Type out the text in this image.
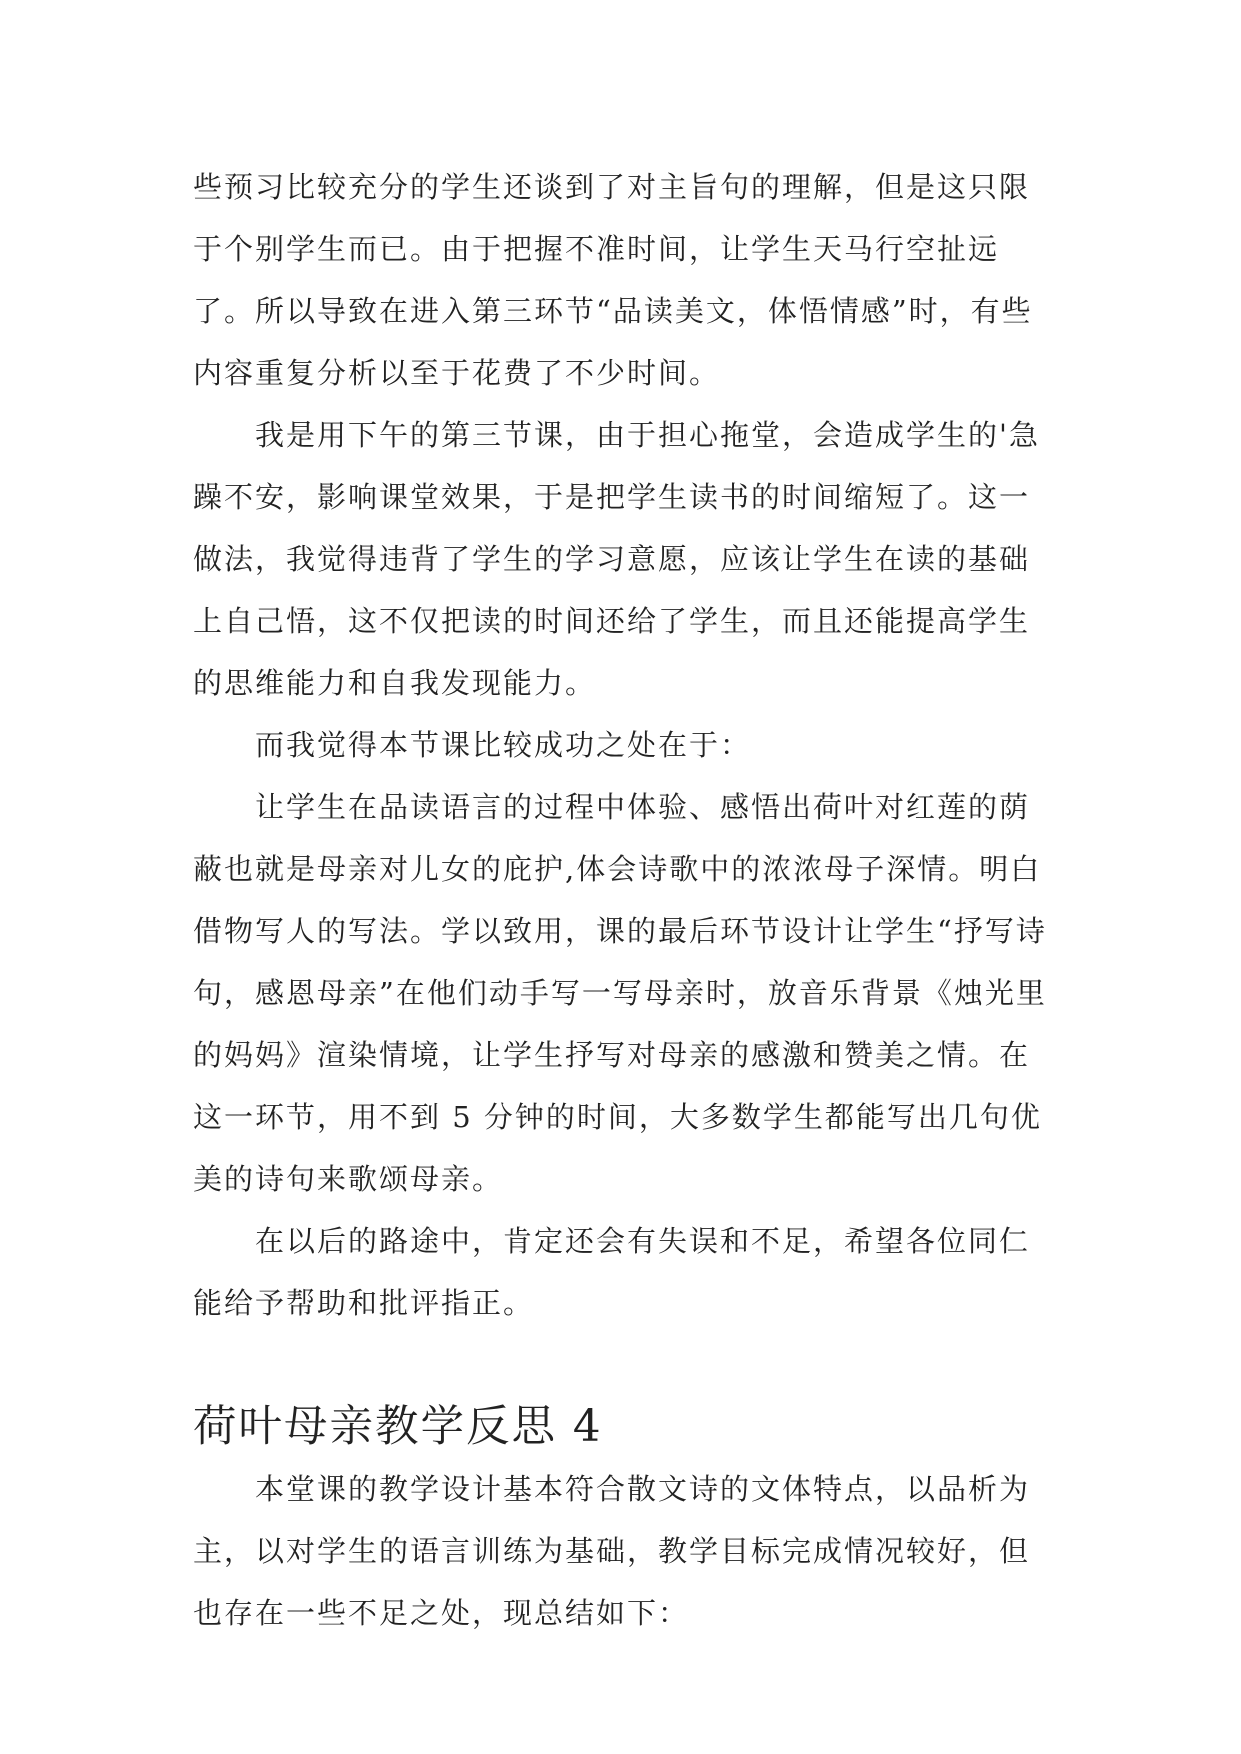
些预习比较充分的学生还谈到了对主旨句的理解，但是这只限于个别学生而已。由于把握不准时间，让学生天马行空扯远了。所以导致在进入第三环节“品读美文，体悟情感”时，有些内容重复分析以至于花费了不少时间。

我是用下午的第三节课，由于担心拖堂，会造成学生的'急躁不安，影响课堂效果，于是把学生读书的时间缩短了。这一做法，我觉得违背了学生的学习意愿，应该让学生在读的基础上自己悟，这不仅把读的时间还给了学生，而且还能提高学生的思维能力和自我发现能力。

而我觉得本节课比较成功之处在于：

让学生在品读语言的过程中体验、感悟出荷叶对红莲的荫蔽也就是母亲对儿女的庇护,体会诗歌中的浓浓母子深情。明白借物写人的写法。学以致用，课的最后环节设计让学生“抒写诗句，感恩母亲”在他们动手写一写母亲时，放音乐背景《烛光里的妈妈》渲染情境，让学生抒写对母亲的感激和赞美之情。在这一环节，用不到 5 分钟的时间，大多数学生都能写出几句优美的诗句来歌颂母亲。

在以后的路途中，肯定还会有失误和不足，希望各位同仁能给予帮助和批评指正。

荷叶母亲教学反思 4

本堂课的教学设计基本符合散文诗的文体特点，以品析为主，以对学生的语言训练为基础，教学目标完成情况较好，但也存在一些不足之处，现总结如下：
